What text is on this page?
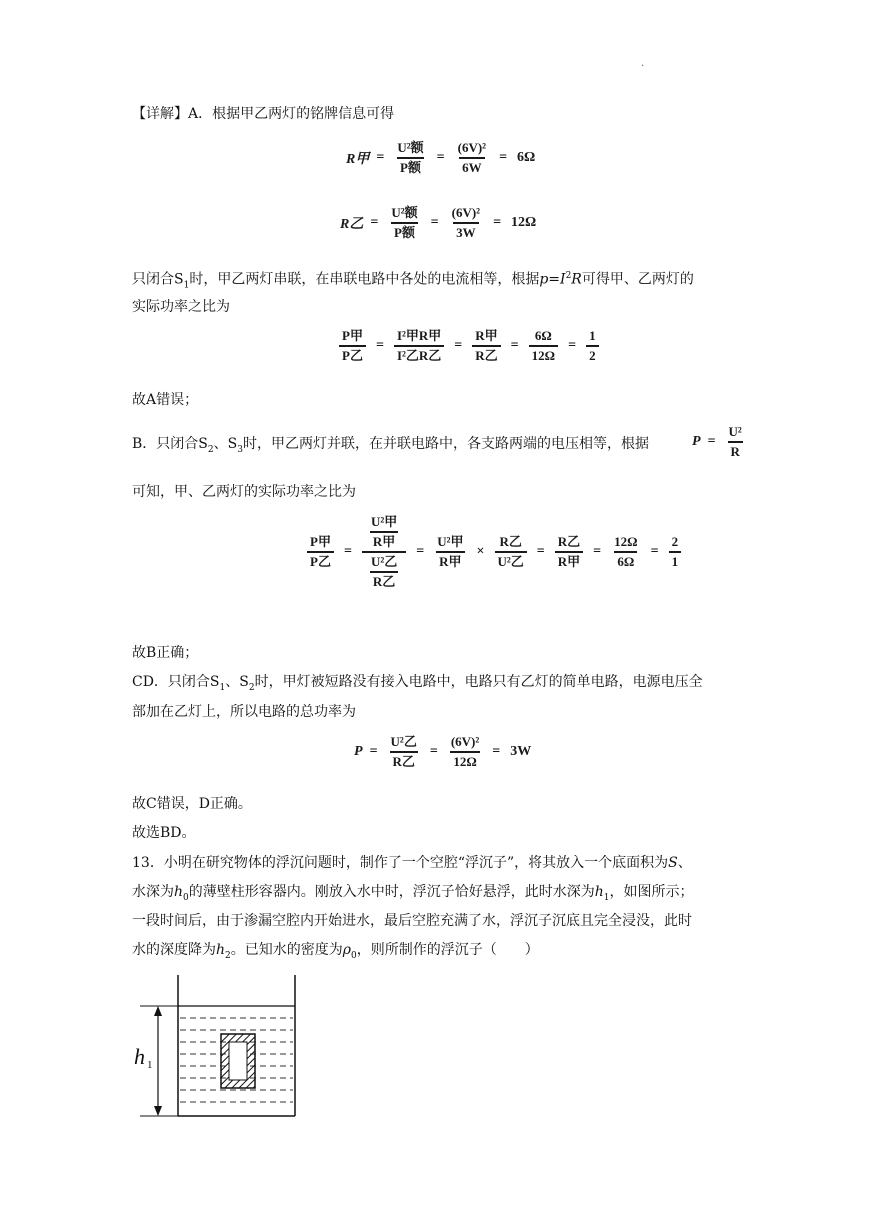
.
【详解】A．根据甲乙两灯的铭牌信息可得
R甲 = $\frac{\text{U²额}}{\text{P额}} = \frac{\text{(6V)²}}{6W} = 6\Omega$
R乙 = $\frac{\text{U²额}}{\text{P额}} = \frac{\text{(6V)²}}{3W} = 12\Omega$
只闭合$S_1$时，甲乙两灯串联，在串联电路中各处的电流相等，根据$p=I^2R$可得甲、乙两灯的
实际功率之比为
$\frac{\text{P甲}}{\text{P乙}} = \frac{\text{I²甲R甲}}{\text{I²乙R乙}} = \frac{\text{R甲}}{\text{R乙}} = \frac{6\Omega}{12\Omega} = \frac{1}{2}$
故A错误；
B．只闭合$S_2$、$S_3$时，甲乙两灯并联，在并联电路中，各支路两端的电压相等，根据	$P = \frac{\text{U²}}{R}$
可知，甲、乙两灯的实际功率之比为
$\frac{\text{P甲}}{\text{P乙}} = \frac{\frac{\text{U²甲}}{\text{R甲}}}{\frac{\text{U²乙}}{\text{R乙}}} = \frac{\text{U²甲}}{\text{R甲}} \times \frac{\text{R乙}}{\text{U²乙}} = \frac{\text{R乙}}{\text{R甲}} = \frac{12\Omega}{6\Omega} = \frac{2}{1}$
故B正确；
CD．只闭合$S_1$、$S_2$时，甲灯被短路没有接入电路中，电路只有乙灯的简单电路，电源电压全
部加在乙灯上，所以电路的总功率为
$P = \frac{\text{U²乙}}{\text{R乙}} = \frac{\text{(6V)²}}{12\Omega} = 3W$
故C错误，D正确。
故选BD。
13．小明在研究物体的浮沉问题时，制作了一个空腔“浮沉子”，将其放入一个底面积为S、
水深为$h_0$的薄壁柱形容器内。刚放入水中时，浮沉子恰好悬浮，此时水深为$h_1$，如图所示；
一段时间后，由于渗漏空腔内开始进水，最后空腔充满了水，浮沉子沉底且完全浸没，此时
水的深度降为$h_2$。已知水的密度为$\rho_0$，则所制作的浮沉子（　　）
h 1
